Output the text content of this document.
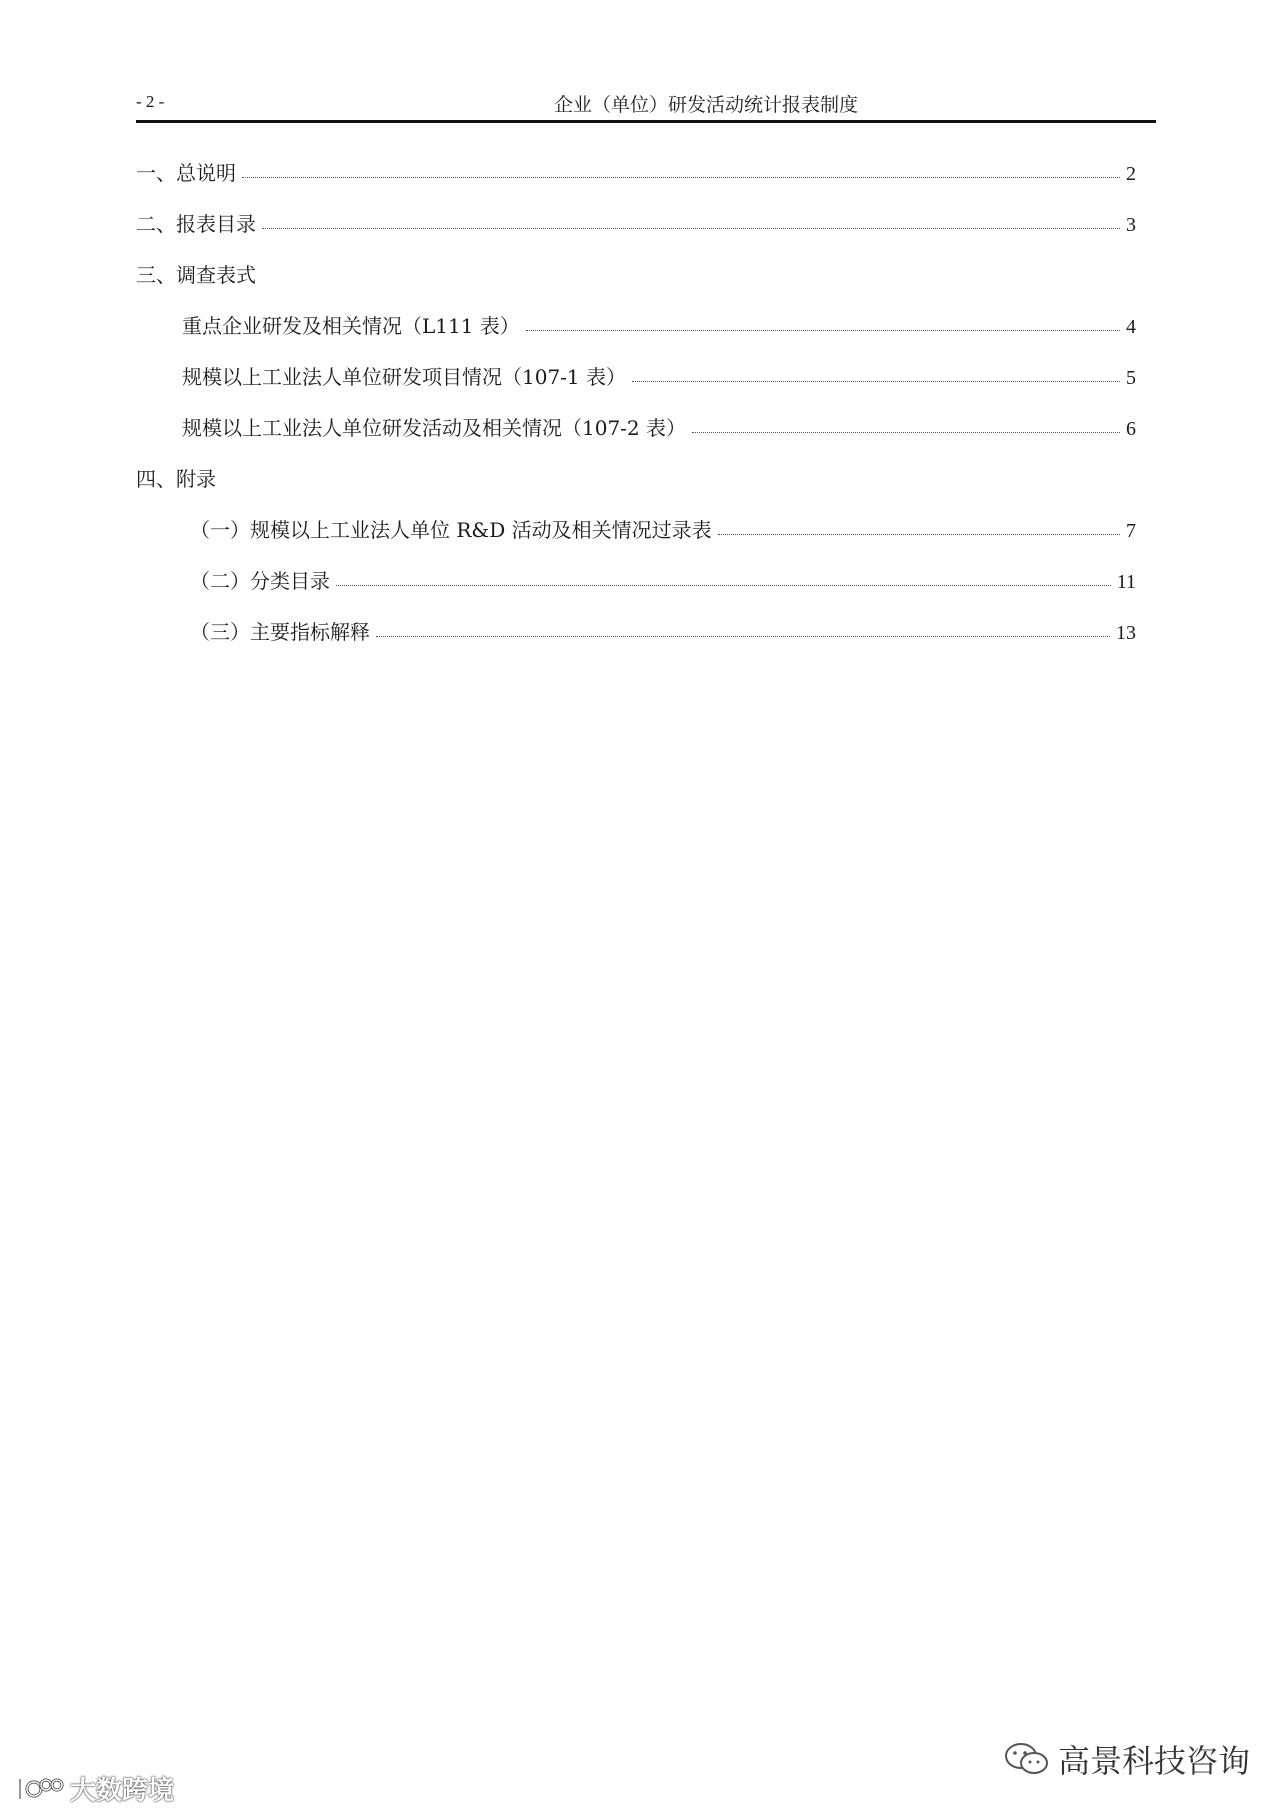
- 2 -	企业（单位）研发活动统计报表制度
一、总说明	2
二、报表目录	3
三、调查表式
重点企业研发及相关情况（L111 表）	4
规模以上工业法人单位研发项目情况（107-1 表）	5
规模以上工业法人单位研发活动及相关情况（107-2 表）	6
四、附录
（一）规模以上工业法人单位 R&D 活动及相关情况过录表	7
（二）分类目录	11
（三）主要指标解释	13
高景科技咨询
大数跨境
